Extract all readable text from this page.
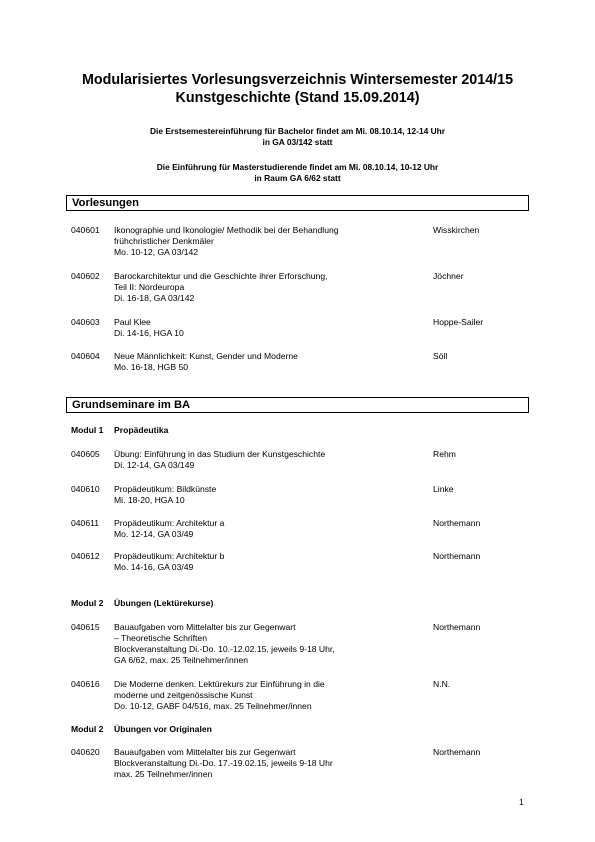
Modularisiertes Vorlesungsverzeichnis Wintersemester 2014/15
Kunstgeschichte (Stand 15.09.2014)
Die Erstsemestereinführung für Bachelor findet am Mi. 08.10.14, 12-14 Uhr
in GA 03/142 statt
Die Einführung für Masterstudierende findet am Mi. 08.10.14, 10-12 Uhr
in Raum GA 6/62 statt
Vorlesungen
Grundseminare im BA
Modul 1 Propädeutika
Modul 2 Übungen (Lektürekurse)
Modul 2 Übungen vor Originalen
040601	Ikonographie und Ikonologie/ Methodik bei der Behandlung
frühchristlicher Denkmäler
Mo. 10-12, GA 03/142
Wisskirchen
040602	Barockarchitektur und die Geschichte ihrer Erforschung,
Teil II: Nordeuropa
Di. 16-18, GA 03/142
Jöchner
040603	Paul Klee
Di. 14-16, HGA 10
Hoppe-Sailer
040604	Neue Männlichkeit: Kunst, Gender und Moderne
Mo. 16-18, HGB 50
Söll
040605	Übung: Einführung in das Studium der Kunstgeschichte
Di. 12-14, GA 03/149
Rehm
040610	Propädeutikum: Bildkünste
Mi. 18-20, HGA 10
Linke
040611	Propädeutikum: Architektur a
Mo. 12-14, GA 03/49
Northemann
040612	Propädeutikum: Architektur b
Mo. 14-16, GA 03/49
Northemann
040615	Bauaufgaben vom Mittelalter bis zur Gegenwart
– Theoretische Schriften
Blockveranstaltung Di.-Do. 10.-12.02.15, jeweils 9-18 Uhr,
GA 6/62, max. 25 Teilnehmer/innen
Northemann
040616	Die Moderne denken. Lektürekurs zur Einführung in die
moderne und zeitgenössische Kunst
Do. 10-12, GABF 04/516, max. 25 Teilnehmer/innen
N.N.
040620	Bauaufgaben vom Mittelalter bis zur Gegenwart
Blockveranstaltung Di.-Do. 17.-19.02.15, jeweils 9-18 Uhr
max. 25 Teilnehmer/innen
Northemann
1
